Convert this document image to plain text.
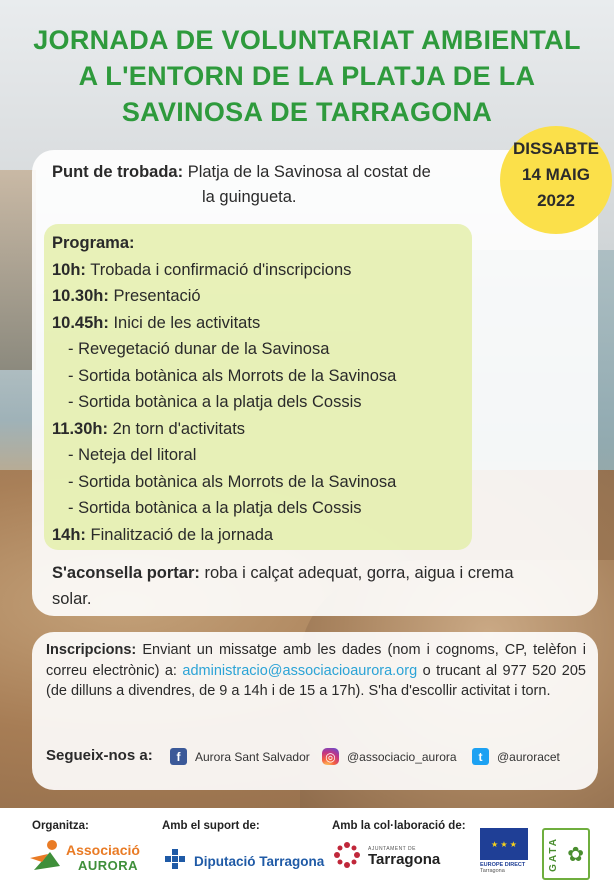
JORNADA DE VOLUNTARIAT AMBIENTAL
A L'ENTORN DE LA PLATJA DE LA
SAVINOSA DE TARRAGONA
DISSABTE
14 MAIG
2022
Punt de trobada: Platja de la Savinosa al costat de
la guingueta.
Programa:
10h: Trobada i confirmació d'inscripcions
10.30h: Presentació
10.45h: Inici de les activitats
- Revegetació dunar de la Savinosa
- Sortida botànica als Morrots de la Savinosa
- Sortida botànica a la platja dels Cossis
11.30h: 2n torn d'activitats
- Neteja del litoral
- Sortida botànica als Morrots de la Savinosa
- Sortida botànica a la platja dels Cossis
14h: Finalització de la jornada
S'aconsella portar: roba i calçat adequat, gorra, aigua i crema
solar.
Inscripcions: Enviant un missatge amb les dades (nom i cognoms, CP, telèfon i correu electrònic) a: administracio@associacioaurora.org o trucant al 977 520 205 (de dilluns a divendres, de 9 a 14h i de 15 a 17h). S'ha d'escollir activitat i torn.
Segueix-nos a:	f	Aurora Sant Salvador ◎ @associacio_aurora	t	@auroracet
Organitza:	Amb el suport de:	Amb la col·laboració de:
Associació
AURORA	Diputació Tarragona
AJUNTAMENT DE
Tarragona
★ ★ ★
EUROPE DIRECT
Tarragona	GATA ✿
